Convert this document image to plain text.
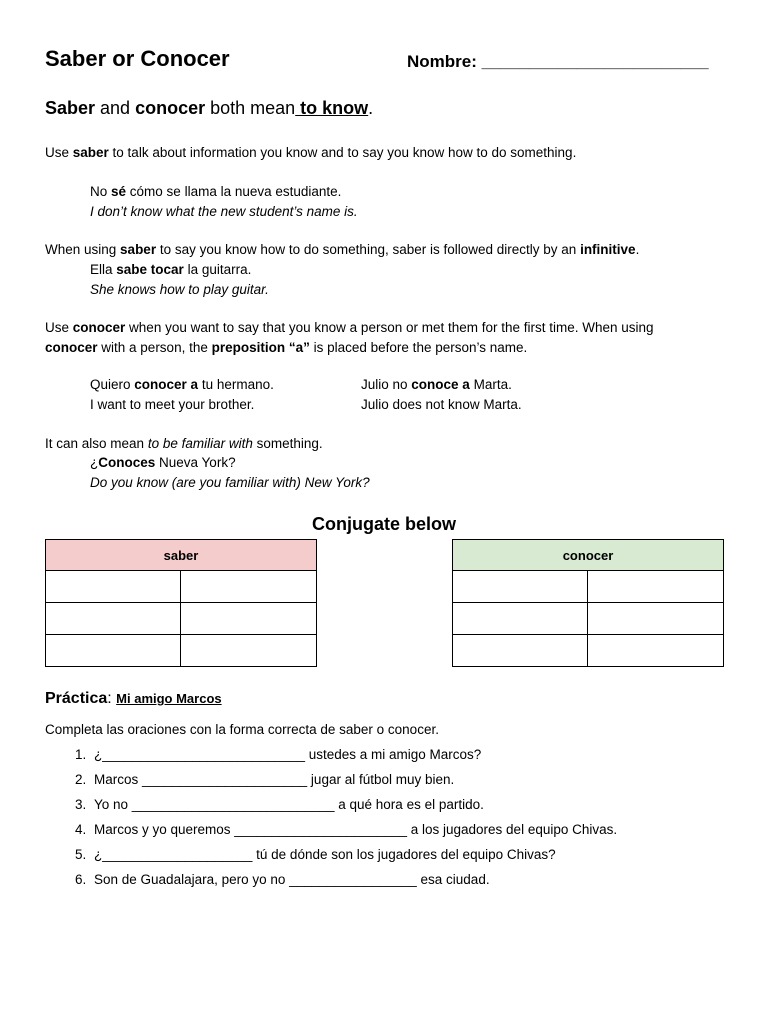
Saber or Conocer	Nombre: ________________________
Saber and conocer both mean to know.
Use saber to talk about information you know and to say you know how to do something.
No sé cómo se llama la nueva estudiante.
I don’t know what the new student’s name is.
When using saber to say you know how to do something, saber is followed directly by an infinitive.
Ella sabe tocar la guitarra.
She knows how to play guitar.
Use conocer when you want to say that you know a person or met them for the first time. When using
conocer with a person, the preposition “a” is placed before the person’s name.
Quiero conocer a tu hermano.
I want to meet your brother.
Julio no conoce a Marta.
Julio does not know Marta.
It can also mean to be familiar with something.
¿Conoces Nueva York?
Do you know (are you familiar with) New York?
Conjugate below
saber	

		conocer	

Práctica: Mi amigo Marcos
Completa las oraciones con la forma correcta de saber o conocer.
1. ¿___________________________ ustedes a mi amigo Marcos?
2. Marcos ______________________ jugar al fútbol muy bien.
3. Yo no ___________________________ a qué hora es el partido.
4. Marcos y yo queremos _______________________ a los jugadores del equipo Chivas.
5. ¿____________________ tú de dónde son los jugadores del equipo Chivas?
6. Son de Guadalajara, pero yo no _________________ esa ciudad.
